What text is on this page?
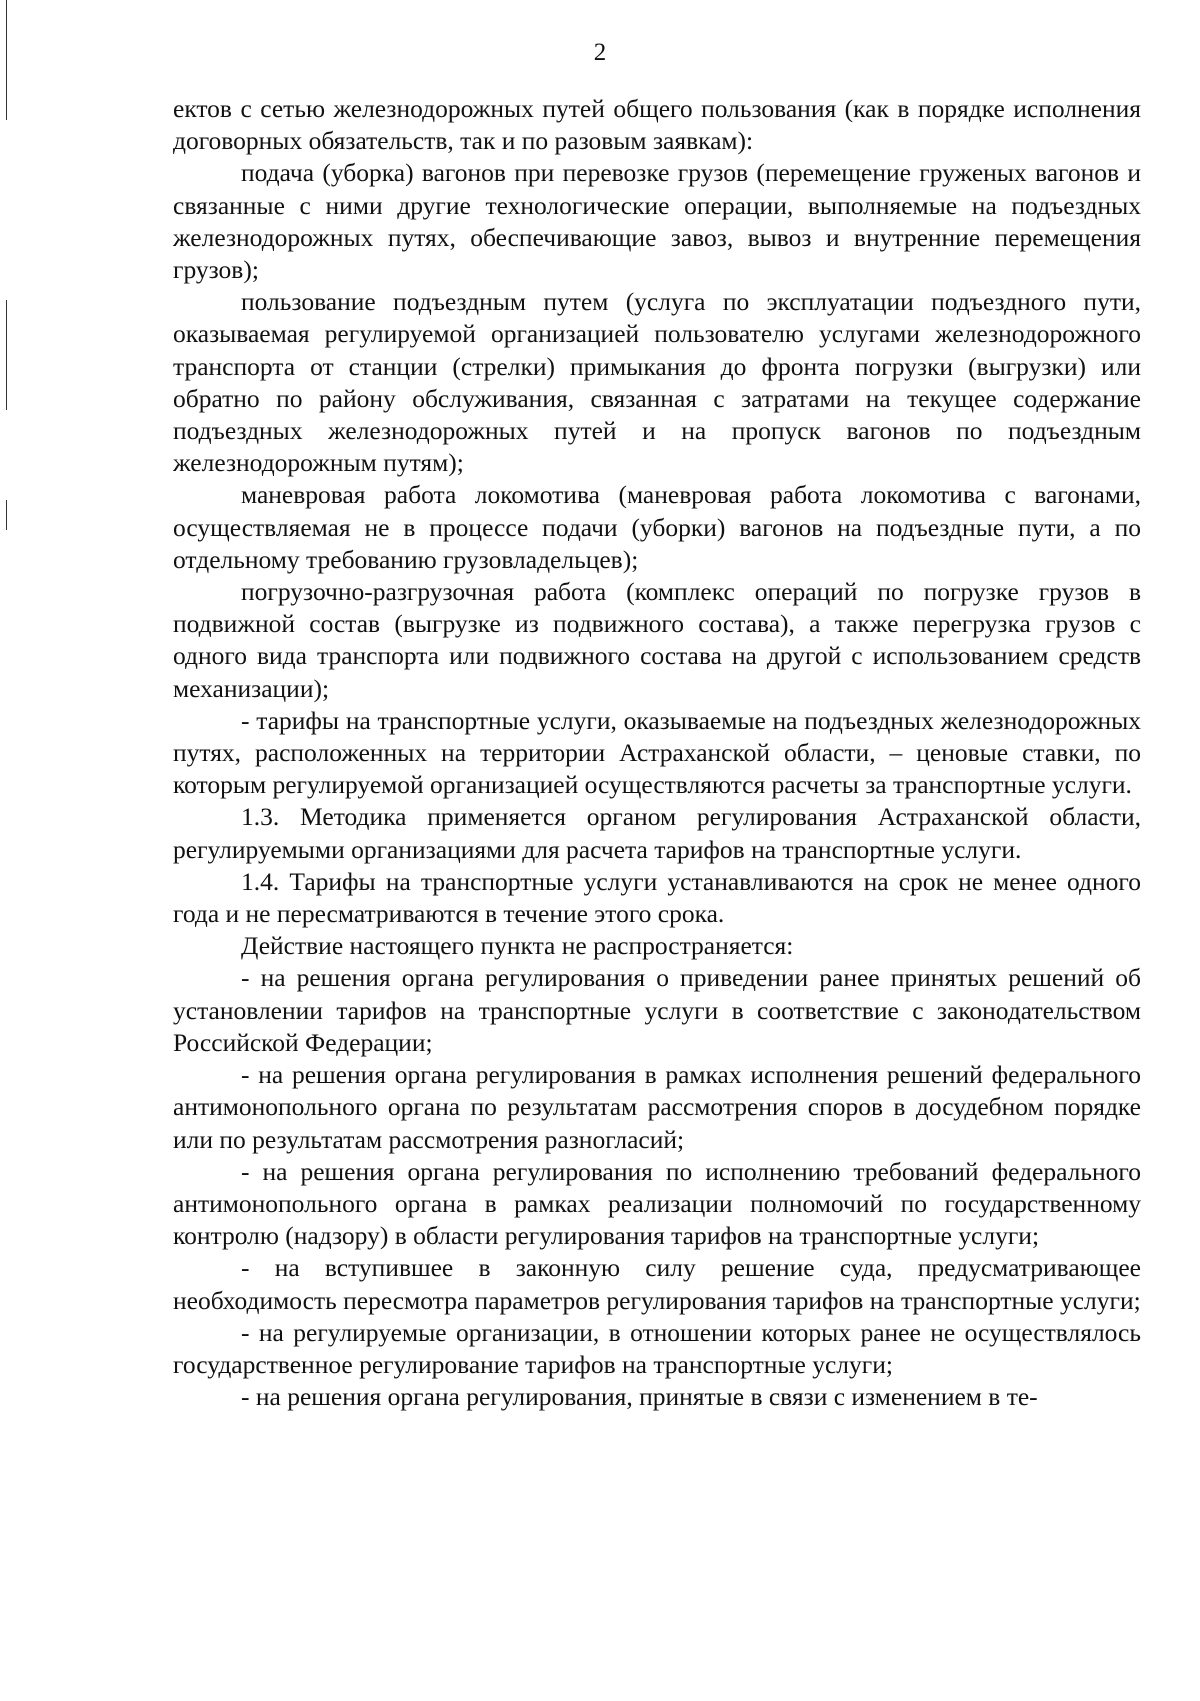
2

ектов с сетью железнодорожных путей общего пользования (как в порядке исполнения договорных обязательств, так и по разовым заявкам):

подача (уборка) вагонов при перевозке грузов (перемещение груженых вагонов и связанные с ними другие технологические операции, выполняемые на подъездных железнодорожных путях, обеспечивающие завоз, вывоз и внутренние перемещения грузов);

пользование подъездным путем (услуга по эксплуатации подъездного пути, оказываемая регулируемой организацией пользователю услугами железнодорожного транспорта от станции (стрелки) примыкания до фронта погрузки (выгрузки) или обратно по району обслуживания, связанная с затратами на текущее содержание подъездных железнодорожных путей и на пропуск вагонов по подъездным железнодорожным путям);

маневровая работа локомотива (маневровая работа локомотива с вагонами, осуществляемая не в процессе подачи (уборки) вагонов на подъездные пути, а по отдельному требованию грузовладельцев);

погрузочно-разгрузочная работа (комплекс операций по погрузке грузов в подвижной состав (выгрузке из подвижного состава), а также перегрузка грузов с одного вида транспорта или подвижного состава на другой с использованием средств механизации);

- тарифы на транспортные услуги, оказываемые на подъездных железнодорожных путях, расположенных на территории Астраханской области, – ценовые ставки, по которым регулируемой организацией осуществляются расчеты за транспортные услуги.

1.3. Методика применяется органом регулирования Астраханской области, регулируемыми организациями для расчета тарифов на транспортные услуги.

1.4. Тарифы на транспортные услуги устанавливаются на срок не менее одного года и не пересматриваются в течение этого срока.

Действие настоящего пункта не распространяется:

- на решения органа регулирования о приведении ранее принятых решений об установлении тарифов на транспортные услуги в соответствие с законодательством Российской Федерации;

- на решения органа регулирования в рамках исполнения решений федерального антимонопольного органа по результатам рассмотрения споров в досудебном порядке или по результатам рассмотрения разногласий;

- на решения органа регулирования по исполнению требований федерального антимонопольного органа в рамках реализации полномочий по государственному контролю (надзору) в области регулирования тарифов на транспортные услуги;

- на вступившее в законную силу решение суда, предусматривающее необходимость пересмотра параметров регулирования тарифов на транспортные услуги;

- на регулируемые организации, в отношении которых ранее не осуществлялось государственное регулирование тарифов на транспортные услуги;

- на решения органа регулирования, принятые в связи с изменением в те-
